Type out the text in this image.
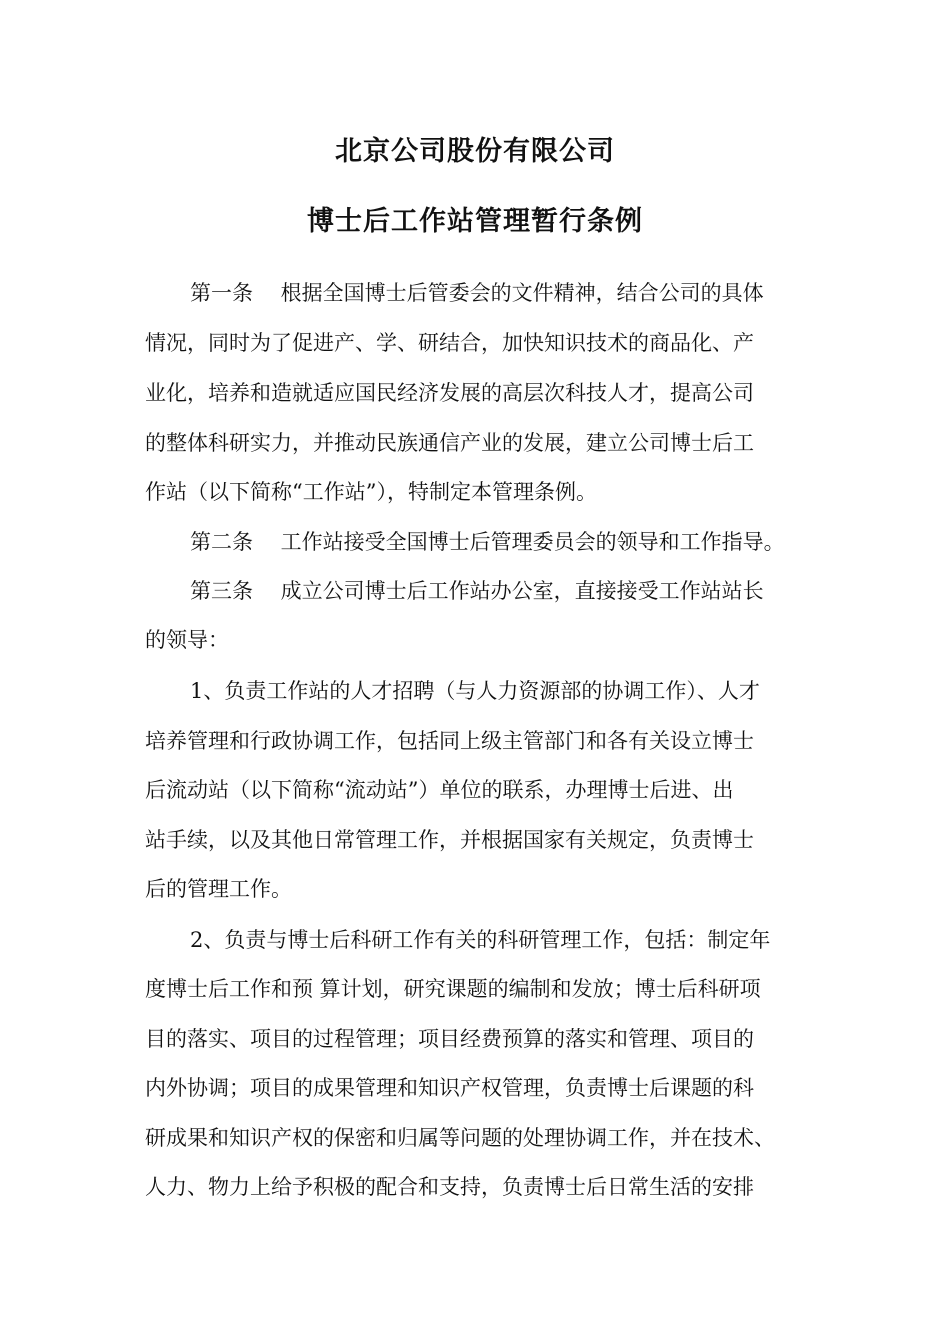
北京公司股份有限公司
博士后工作站管理暂行条例

第一条　 根据全国博士后管委会的文件精神，结合公司的具体

情况，同时为了促进产、学、研结合，加快知识技术的商品化、产

业化，培养和造就适应国民经济发展的高层次科技人才，提高公司

的整体科研实力，并推动民族通信产业的发展，建立公司博士后工

作站（以下简称“工作站”），特制定本管理条例。

第二条　 工作站接受全国博士后管理委员会的领导和工作指导。

第三条　 成立公司博士后工作站办公室，直接接受工作站站长

的领导：

1、负责工作站的人才招聘（与人力资源部的协调工作）、人才

培养管理和行政协调工作，包括同上级主管部门和各有关设立博士

后流动站（以下简称“流动站”）单位的联系，办理博士后进、出

站手续，以及其他日常管理工作，并根据国家有关规定，负责博士

后的管理工作。

2、负责与博士后科研工作有关的科研管理工作，包括：制定年

度博士后工作和预 算计划，研究课题的编制和发放；博士后科研项

目的落实、项目的过程管理；项目经费预算的落实和管理、项目的

内外协调；项目的成果管理和知识产权管理，负责博士后课题的科

研成果和知识产权的保密和归属等问题的处理协调工作，并在技术、

人力、物力上给予积极的配合和支持，负责博士后日常生活的安排
